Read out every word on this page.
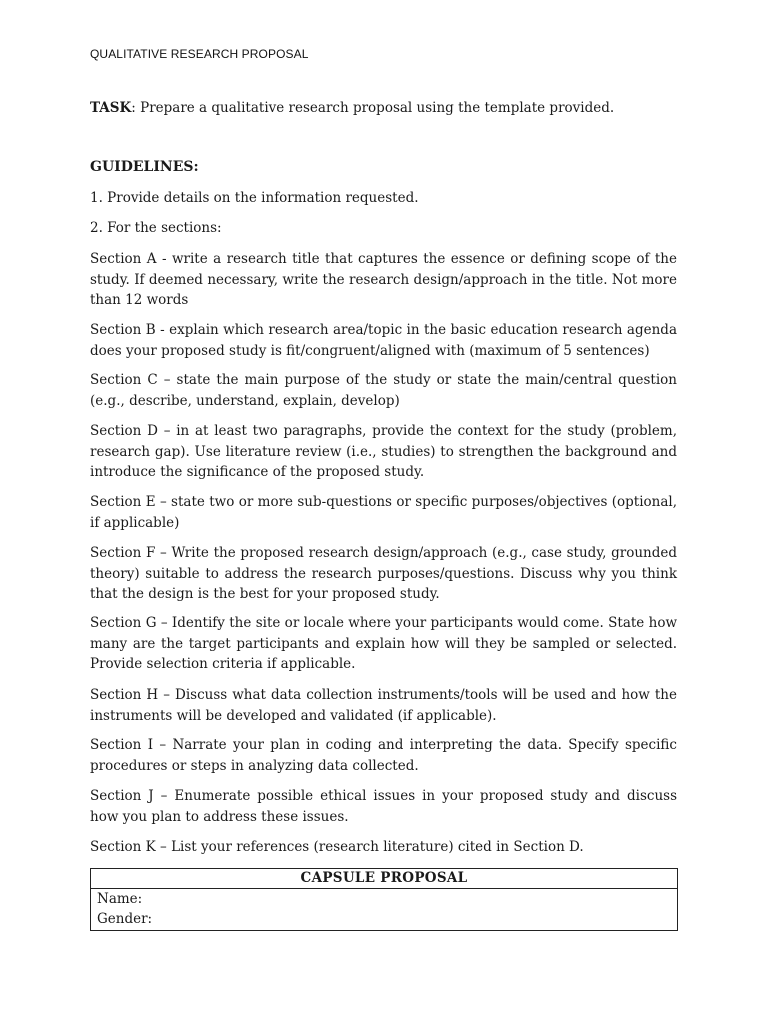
QUALITATIVE RESEARCH PROPOSAL
TASK: Prepare a qualitative research proposal using the template provided.
GUIDELINES:
1. Provide details on the information requested.
2. For the sections:
Section A - write a research title that captures the essence or defining scope of the study. If deemed necessary, write the research design/approach in the title. Not more than 12 words
Section B - explain which research area/topic in the basic education research agenda does your proposed study is fit/congruent/aligned with (maximum of 5 sentences)
Section C – state the main purpose of the study or state the main/central question (e.g., describe, understand, explain, develop)
Section D – in at least two paragraphs, provide the context for the study (problem, research gap). Use literature review (i.e., studies) to strengthen the background and introduce the significance of the proposed study.
Section E – state two or more sub-questions or specific purposes/objectives (optional, if applicable)
Section F – Write the proposed research design/approach (e.g., case study, grounded theory) suitable to address the research purposes/questions. Discuss why you think that the design is the best for your proposed study.
Section G – Identify the site or locale where your participants would come. State how many are the target participants and explain how will they be sampled or selected. Provide selection criteria if applicable.
Section H – Discuss what data collection instruments/tools will be used and how the instruments will be developed and validated (if applicable).
Section I – Narrate your plan in coding and interpreting the data. Specify specific procedures or steps in analyzing data collected.
Section J – Enumerate possible ethical issues in your proposed study and discuss how you plan to address these issues.
Section K – List your references (research literature) cited in Section D.
CAPSULE PROPOSAL

Name:
Gender:
